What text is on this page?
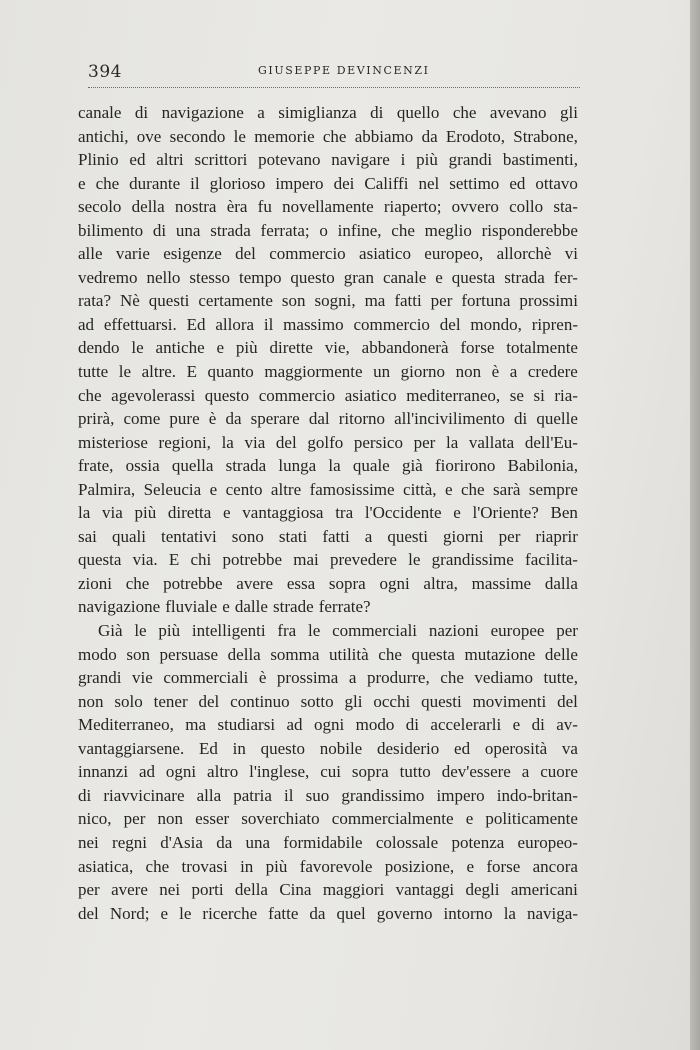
394	GIUSEPPE DEVINCENZI
canale di navigazione a simiglianza di quello che avevano gli
antichi, ove secondo le memorie che abbiamo da Erodoto, Strabone,
Plinio ed altri scrittori potevano navigare i più grandi bastimenti,
e che durante il glorioso impero dei Califfi nel settimo ed ottavo
secolo della nostra èra fu novellamente riaperto; ovvero collo sta-
bilimento di una strada ferrata; o infine, che meglio risponderebbe
alle varie esigenze del commercio asiatico europeo, allorchè vi
vedremo nello stesso tempo questo gran canale e questa strada fer-
rata? Nè questi certamente son sogni, ma fatti per fortuna prossimi
ad effettuarsi. Ed allora il massimo commercio del mondo, ripren-
dendo le antiche e più dirette vie, abbandonerà forse totalmente
tutte le altre. E quanto maggiormente un giorno non è a credere
che agevolerassi questo commercio asiatico mediterraneo, se si ria-
prirà, come pure è da sperare dal ritorno all'incivilimento di quelle
misteriose regioni, la via del golfo persico per la vallata dell'Eu-
frate, ossia quella strada lunga la quale già fiorirono Babilonia,
Palmira, Seleucia e cento altre famosissime città, e che sarà sempre
la via più diretta e vantaggiosa tra l'Occidente e l'Oriente? Ben
sai quali tentativi sono stati fatti a questi giorni per riaprir
questa via. E chi potrebbe mai prevedere le grandissime facilita-
zioni che potrebbe avere essa sopra ogni altra, massime dalla
navigazione fluviale e dalle strade ferrate?
Già le più intelligenti fra le commerciali nazioni europee per
modo son persuase della somma utilità che questa mutazione delle
grandi vie commerciali è prossima a produrre, che vediamo tutte,
non solo tener del continuo sotto gli occhi questi movimenti del
Mediterraneo, ma studiarsi ad ogni modo di accelerarli e di av-
vantaggiarsene. Ed in questo nobile desiderio ed operosità va
innanzi ad ogni altro l'inglese, cui sopra tutto dev'essere a cuore
di riavvicinare alla patria il suo grandissimo impero indo-britan-
nico, per non esser soverchiato commercialmente e politicamente
nei regni d'Asia da una formidabile colossale potenza europeo-
asiatica, che trovasi in più favorevole posizione, e forse ancora
per avere nei porti della Cina maggiori vantaggi degli americani
del Nord; e le ricerche fatte da quel governo intorno la naviga-
